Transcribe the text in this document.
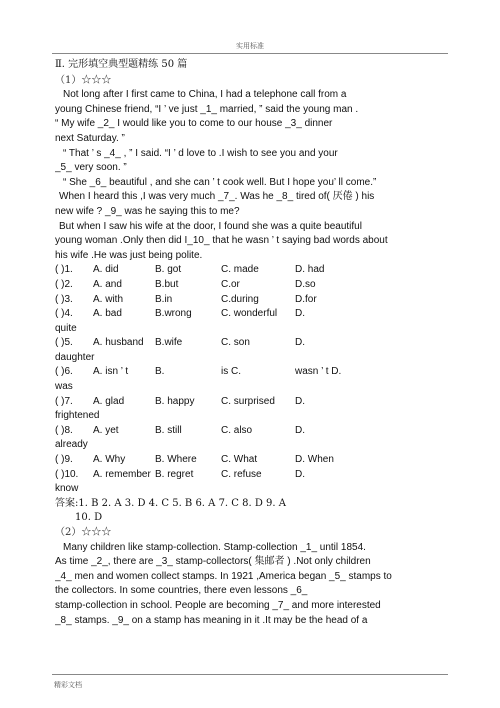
实用标准
Ⅱ. 完形填空典型题精练 50 篇
（1）☆☆☆
Not long after I first came to China, I had a telephone call from a
young Chinese friend, “I ’ ve just _1_ married, ” said the young man .
“ My wife _2_ I would like you to come to our house _3_ dinner
next Saturday. ”
“ That ’ s _4_ , ” I said. “I ’ d love to .I wish to see you and your
_5_ very soon. ”
“ She _6_ beautiful , and she can ’ t cook well. But I hope you’ ll come.”
When I heard this ,I was very much _7_. Was he _8_ tired of( 厌倦 ) his
new wife ? _9_ was he saying this to me?
But when I saw his wife at the door, I found she was a quite beautiful
young woman .Only then did I_10_ that he wasn ’ t saying bad words about
his wife .He was just being polite.
( )1.	A. did	B. got	C. made	D. had
( )2.	A. and	B.but	C.or	D.so
( )3.	A. with	B.in	C.during	D.for
( )4.	A. bad	B.wrong	C. wonderful	D.
quite
( )5.	A. husband	B.wife	C. son	D.
daughter
( )6.	A. isn ’ t	B.	is C.	wasn ’ t D.
was
( )7.	A. glad	B. happy	C. surprised	D.
frightened
( )8.	A. yet	B. still	C. also	D.
already
( )9.	A. Why	B. Where	C. What	D. When
( )10.	A. remember B. regret	C. refuse	D.
know
答案:1. B 2. A 3. D 4. C 5. B 6. A 7. C 8. D 9. A
10. D
（2）☆☆☆
Many children like stamp-collection. Stamp-collection _1_ until 1854.
As time _2_, there are _3_ stamp-collectors( 集邮者 ) .Not only children
_4_ men and women collect stamps. In 1921 ,America began _5_ stamps to
the collectors. In some countries, there even lessons _6_
stamp-collection in school. People are becoming _7_ and more interested
_8_ stamps. _9_ on a stamp has meaning in it .It may be the head of a
精彩文档
